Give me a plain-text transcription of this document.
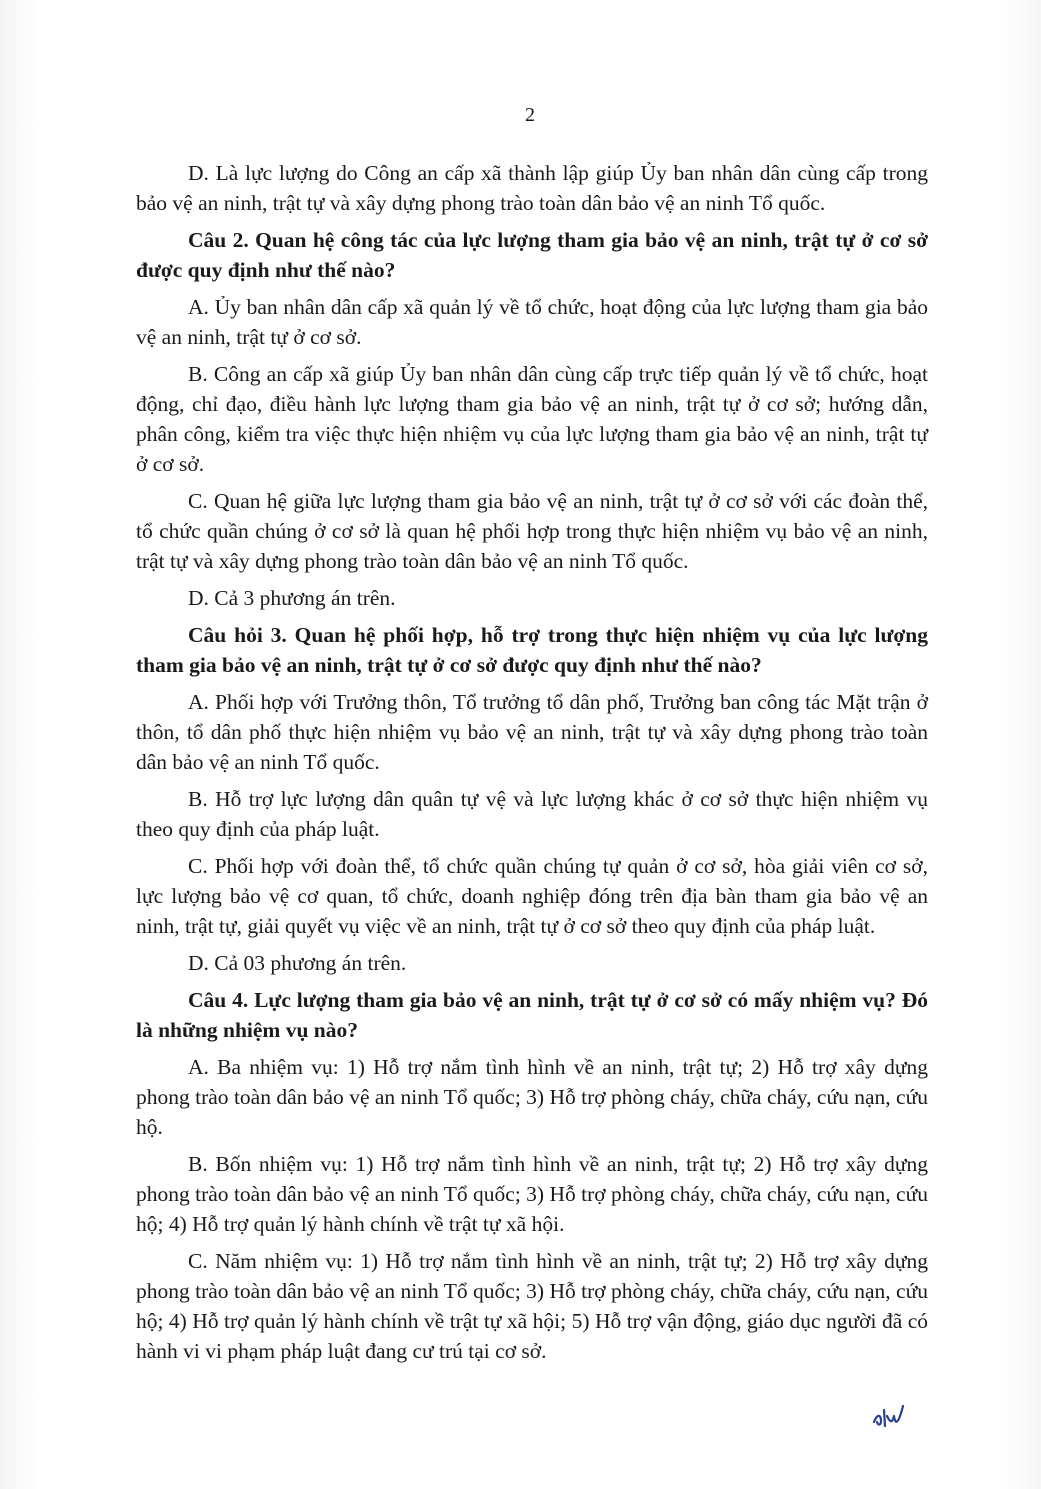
2

D. Là lực lượng do Công an cấp xã thành lập giúp Ủy ban nhân dân cùng cấp trong bảo vệ an ninh, trật tự và xây dựng phong trào toàn dân bảo vệ an ninh Tổ quốc.

Câu 2. Quan hệ công tác của lực lượng tham gia bảo vệ an ninh, trật tự ở cơ sở được quy định như thế nào?

A. Ủy ban nhân dân cấp xã quản lý về tổ chức, hoạt động của lực lượng tham gia bảo vệ an ninh, trật tự ở cơ sở.

B. Công an cấp xã giúp Ủy ban nhân dân cùng cấp trực tiếp quản lý về tổ chức, hoạt động, chỉ đạo, điều hành lực lượng tham gia bảo vệ an ninh, trật tự ở cơ sở; hướng dẫn, phân công, kiểm tra việc thực hiện nhiệm vụ của lực lượng tham gia bảo vệ an ninh, trật tự ở cơ sở.

C. Quan hệ giữa lực lượng tham gia bảo vệ an ninh, trật tự ở cơ sở với các đoàn thể, tổ chức quần chúng ở cơ sở là quan hệ phối hợp trong thực hiện nhiệm vụ bảo vệ an ninh, trật tự và xây dựng phong trào toàn dân bảo vệ an ninh Tổ quốc.

D. Cả 3 phương án trên.

Câu hỏi 3. Quan hệ phối hợp, hỗ trợ trong thực hiện nhiệm vụ của lực lượng tham gia bảo vệ an ninh, trật tự ở cơ sở được quy định như thế nào?

A. Phối hợp với Trưởng thôn, Tổ trưởng tổ dân phố, Trưởng ban công tác Mặt trận ở thôn, tổ dân phố thực hiện nhiệm vụ bảo vệ an ninh, trật tự và xây dựng phong trào toàn dân bảo vệ an ninh Tổ quốc.

B. Hỗ trợ lực lượng dân quân tự vệ và lực lượng khác ở cơ sở thực hiện nhiệm vụ theo quy định của pháp luật.

C. Phối hợp với đoàn thể, tổ chức quần chúng tự quản ở cơ sở, hòa giải viên cơ sở, lực lượng bảo vệ cơ quan, tổ chức, doanh nghiệp đóng trên địa bàn tham gia bảo vệ an ninh, trật tự, giải quyết vụ việc về an ninh, trật tự ở cơ sở theo quy định của pháp luật.

D. Cả 03 phương án trên.

Câu 4. Lực lượng tham gia bảo vệ an ninh, trật tự ở cơ sở có mấy nhiệm vụ? Đó là những nhiệm vụ nào?

A. Ba nhiệm vụ: 1) Hỗ trợ nắm tình hình về an ninh, trật tự; 2) Hỗ trợ xây dựng phong trào toàn dân bảo vệ an ninh Tổ quốc; 3) Hỗ trợ phòng cháy, chữa cháy, cứu nạn, cứu hộ.

B. Bốn nhiệm vụ: 1) Hỗ trợ nắm tình hình về an ninh, trật tự; 2) Hỗ trợ xây dựng phong trào toàn dân bảo vệ an ninh Tổ quốc; 3) Hỗ trợ phòng cháy, chữa cháy, cứu nạn, cứu hộ; 4) Hỗ trợ quản lý hành chính về trật tự xã hội.

C. Năm nhiệm vụ: 1) Hỗ trợ nắm tình hình về an ninh, trật tự; 2) Hỗ trợ xây dựng phong trào toàn dân bảo vệ an ninh Tổ quốc; 3) Hỗ trợ phòng cháy, chữa cháy, cứu nạn, cứu hộ; 4) Hỗ trợ quản lý hành chính về trật tự xã hội; 5) Hỗ trợ vận động, giáo dục người đã có hành vi vi phạm pháp luật đang cư trú tại cơ sở.
